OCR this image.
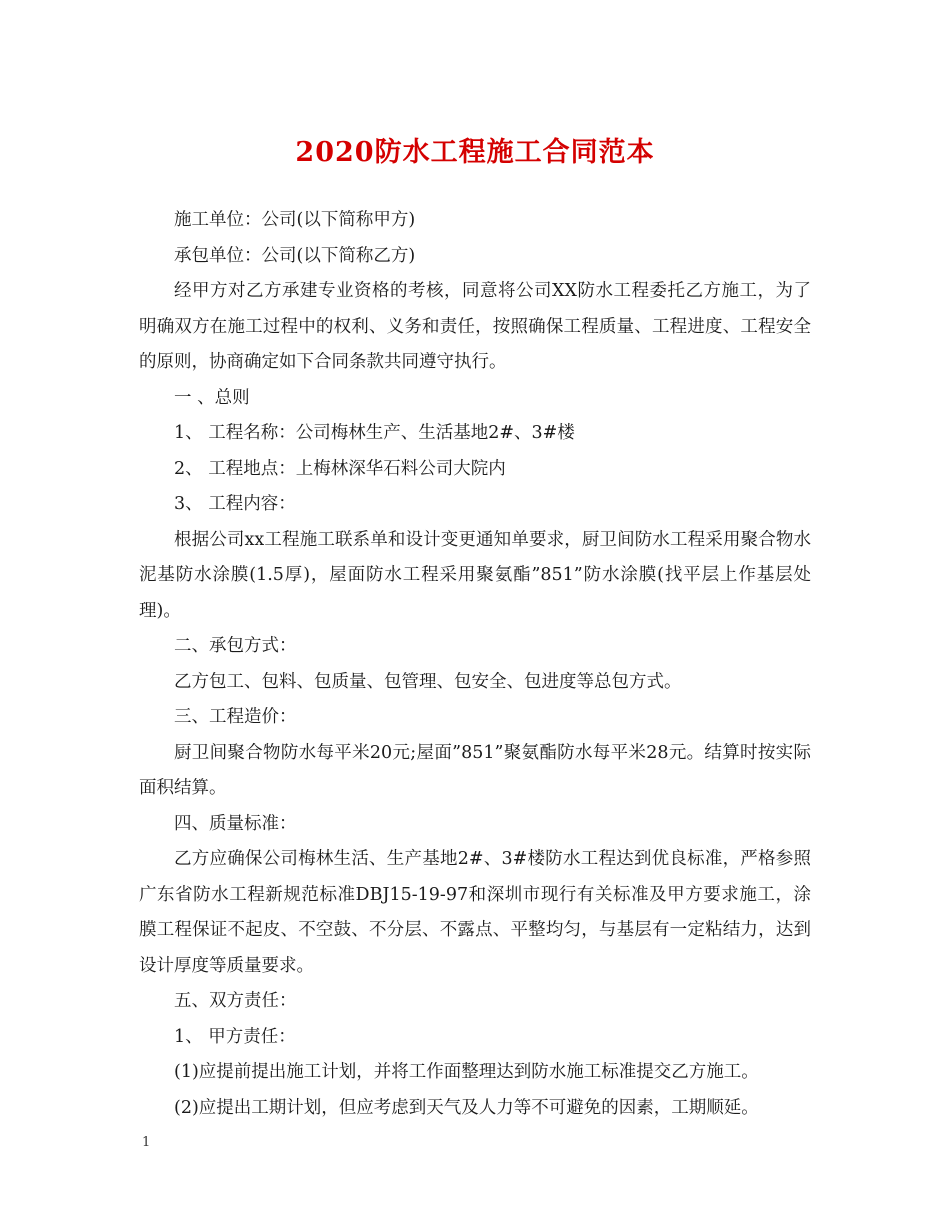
2020防水工程施工合同范本

施工单位：公司(以下简称甲方)

承包单位：公司(以下简称乙方)

经甲方对乙方承建专业资格的考核，同意将公司XX防水工程委托乙方施工，为了明确双方在施工过程中的权利、义务和责任，按照确保工程质量、工程进度、工程安全的原则，协商确定如下合同条款共同遵守执行。

一 、总则

1、 工程名称：公司梅林生产、生活基地2#、3#楼

2、 工程地点：上梅林深华石料公司大院内

3、 工程内容：

根据公司xx工程施工联系单和设计变更通知单要求，厨卫间防水工程采用聚合物水泥基防水涂膜(1.5厚)，屋面防水工程采用聚氨酯”851”防水涂膜(找平层上作基层处理)。

二、承包方式：

乙方包工、包料、包质量、包管理、包安全、包进度等总包方式。

三、工程造价：

厨卫间聚合物防水每平米20元;屋面”851”聚氨酯防水每平米28元。结算时按实际面积结算。

四、质量标准：

乙方应确保公司梅林生活、生产基地2#、3#楼防水工程达到优良标准，严格参照广东省防水工程新规范标准DBJ15-19-97和深圳市现行有关标准及甲方要求施工，涂膜工程保证不起皮、不空鼓、不分层、不露点、平整均匀，与基层有一定粘结力，达到设计厚度等质量要求。

五、双方责任：

1、 甲方责任：

(1)应提前提出施工计划，并将工作面整理达到防水施工标准提交乙方施工。

(2)应提出工期计划，但应考虑到天气及人力等不可避免的因素，工期顺延。

1
